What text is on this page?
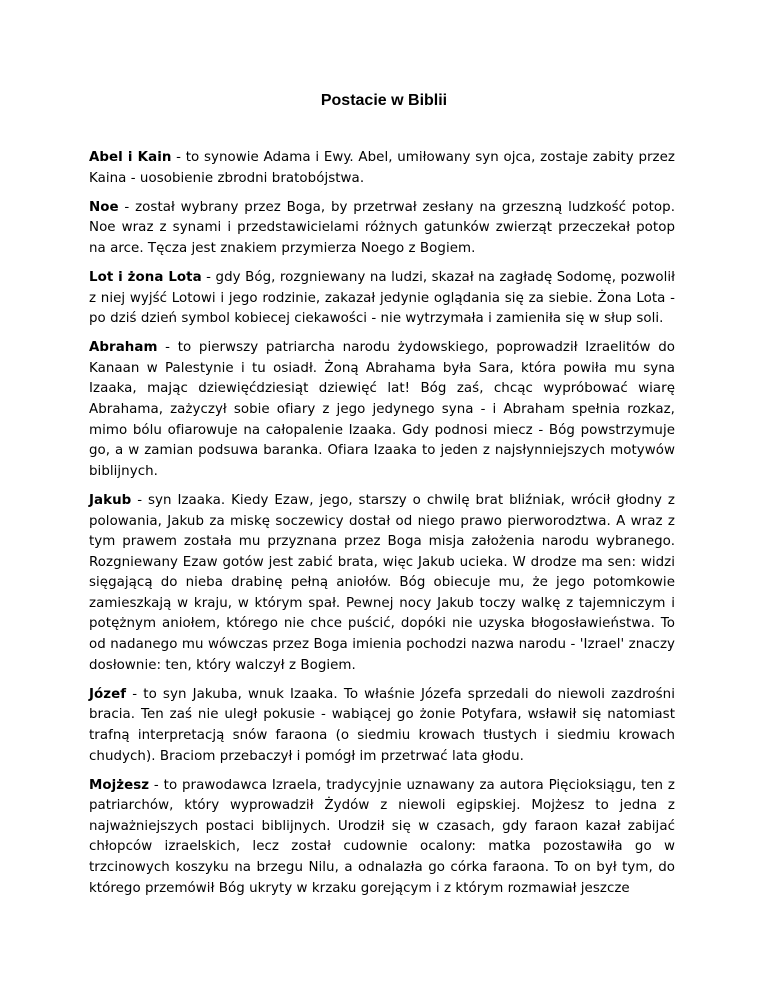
Postacie w Biblii

Abel i Kain - to synowie Adama i Ewy. Abel, umiłowany syn ojca, zostaje zabity przez Kaina - uosobienie zbrodni bratobójstwa.

Noe - został wybrany przez Boga, by przetrwał zesłany na grzeszną ludzkość potop. Noe wraz z synami i przedstawicielami różnych gatunków zwierząt przeczekał potop na arce. Tęcza jest znakiem przymierza Noego z Bogiem.

Lot i żona Lota - gdy Bóg, rozgniewany na ludzi, skazał na zagładę Sodomę, pozwolił z niej wyjść Lotowi i jego rodzinie, zakazał jedynie oglądania się za siebie. Żona Lota - po dziś dzień symbol kobiecej ciekawości - nie wytrzymała i zamieniła się w słup soli.

Abraham - to pierwszy patriarcha narodu żydowskiego, poprowadził Izraelitów do Kanaan w Palestynie i tu osiadł. Żoną Abrahama była Sara, która powiła mu syna Izaaka, mając dziewięćdziesiąt dziewięć lat! Bóg zaś, chcąc wypróbować wiarę Abrahama, zażyczył sobie ofiary z jego jedynego syna - i Abraham spełnia rozkaz, mimo bólu ofiarowuje na całopalenie Izaaka. Gdy podnosi miecz - Bóg powstrzymuje go, a w zamian podsuwa baranka. Ofiara Izaaka to jeden z najsłynniejszych motywów biblijnych.

Jakub - syn Izaaka. Kiedy Ezaw, jego, starszy o chwilę brat bliźniak, wrócił głodny z polowania, Jakub za miskę soczewicy dostał od niego prawo pierworodztwa. A wraz z tym prawem została mu przyznana przez Boga misja założenia narodu wybranego. Rozgniewany Ezaw gotów jest zabić brata, więc Jakub ucieka. W drodze ma sen: widzi sięgającą do nieba drabinę pełną aniołów. Bóg obiecuje mu, że jego potomkowie zamieszkają w kraju, w którym spał. Pewnej nocy Jakub toczy walkę z tajemniczym i potężnym aniołem, którego nie chce puścić, dopóki nie uzyska błogosławieństwa. To od nadanego mu wówczas przez Boga imienia pochodzi nazwa narodu - 'Izrael' znaczy dosłownie: ten, który walczył z Bogiem.

Józef - to syn Jakuba, wnuk Izaaka. To właśnie Józefa sprzedali do niewoli zazdrośni bracia. Ten zaś nie uległ pokusie - wabiącej go żonie Potyfara, wsławił się natomiast trafną interpretacją snów faraona (o siedmiu krowach tłustych i siedmiu krowach chudych). Braciom przebaczył i pomógł im przetrwać lata głodu.

Mojżesz - to prawodawca Izraela, tradycyjnie uznawany za autora Pięcioksiągu, ten z patriarchów, który wyprowadził Żydów z niewoli egipskiej. Mojżesz to jedna z najważniejszych postaci biblijnych. Urodził się w czasach, gdy faraon kazał zabijać chłopców izraelskich, lecz został cudownie ocalony: matka pozostawiła go w trzcinowych koszyku na brzegu Nilu, a odnalazła go córka faraona. To on był tym, do którego przemówił Bóg ukryty w krzaku gorejącym i z którym rozmawiał jeszcze
